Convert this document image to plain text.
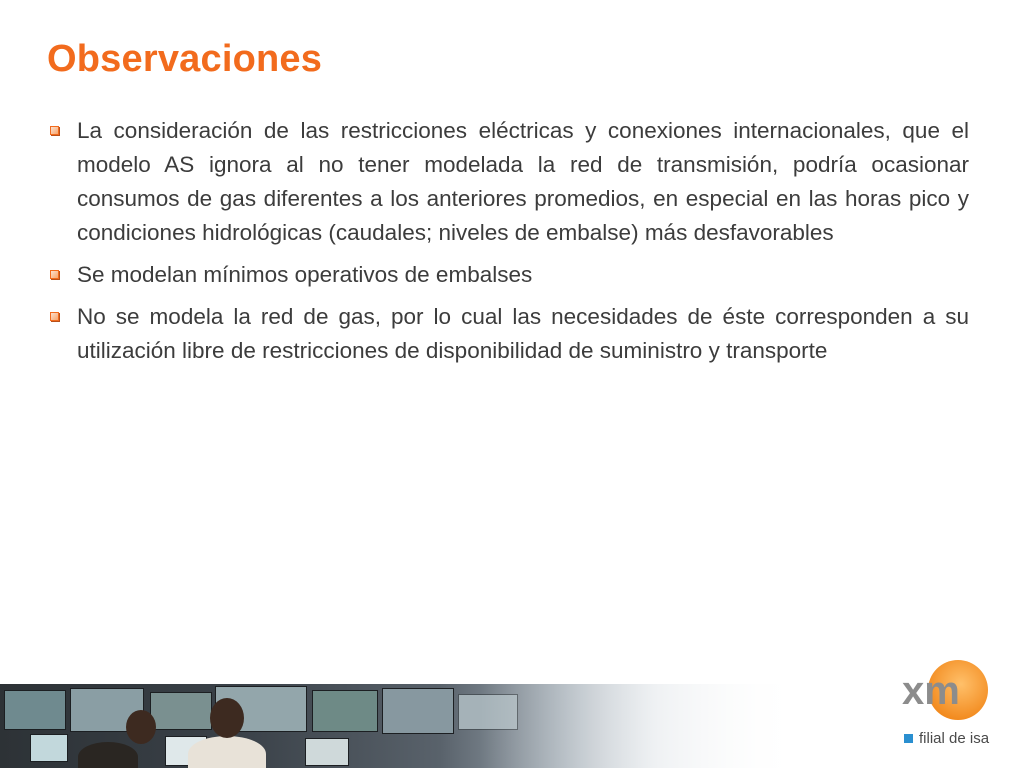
Observaciones
La consideración de las restricciones eléctricas y conexiones internacionales, que el modelo AS ignora al no tener modelada la red de transmisión, podría ocasionar consumos de gas diferentes a los anteriores promedios, en especial en las horas pico y condiciones hidrológicas (caudales; niveles de embalse) más desfavorables
Se modelan mínimos operativos de embalses
No se modela la red de gas, por lo cual las necesidades de éste corresponden a su utilización libre de restricciones de disponibilidad de suministro y transporte
xm
filial de isa
